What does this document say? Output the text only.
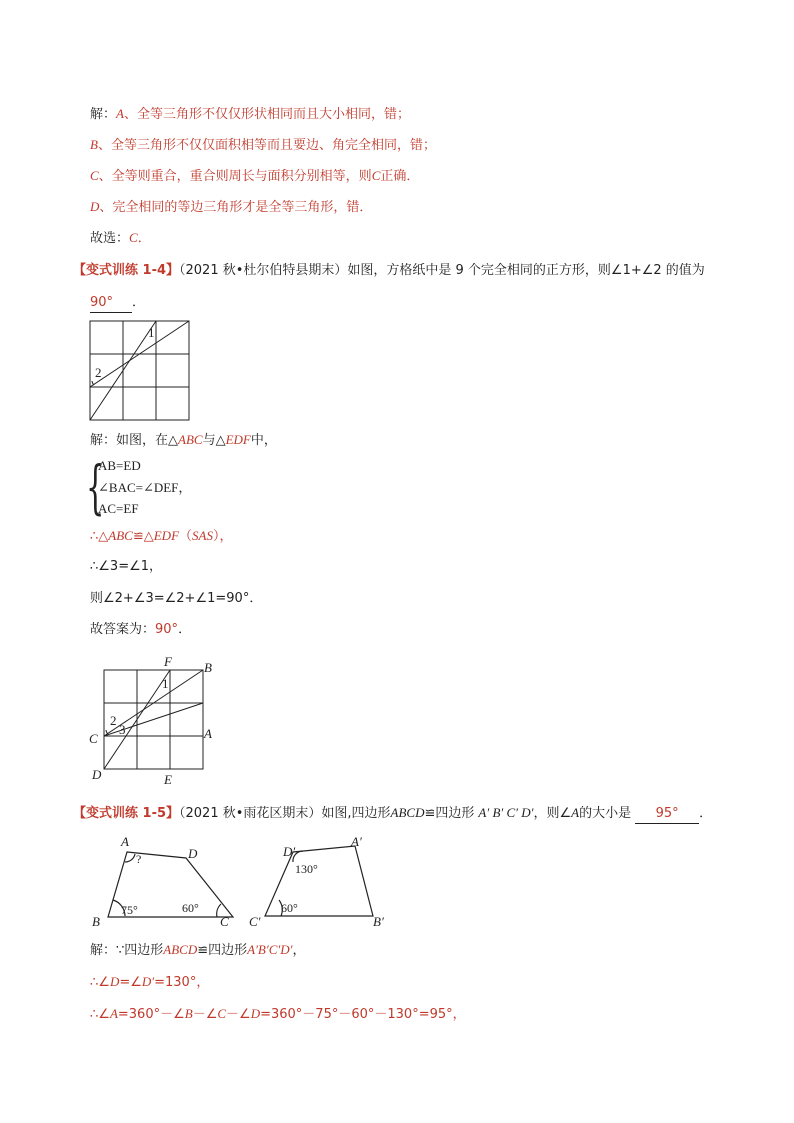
解：A、全等三角形不仅仅形状相同而且大小相同，错；
B、全等三角形不仅仅面积相等而且要边、角完全相同，错；
C、全等则重合，重合则周长与面积分别相等，则C正确．
D、完全相同的等边三角形才是全等三角形，错．
故选：C．
【变式训练 1-4】（2021 秋•杜尔伯特县期末）如图，方格纸中是 9 个完全相同的正方形，则∠1+∠2 的值为
90° ．
1
2
解：如图，在△ABC与△EDF中，
{
AB=ED
∠BAC=∠DEF，
AC=EF
∴△ABC≌△EDF（SAS），
∴∠3=∠1，
则∠2+∠3=∠2+∠1=90°．
故答案为：90°．
F B
1
2
3
C	A
D	E
【变式训练 1-5】（2021 秋•雨花区期末）如图,四边形ABCD≌四边形 A′ B′ C′ D′，则∠A的大小是 95° ．
A
D
?
B	C
75°	60°
D′
A′
130°
60°
C′	B′
解：∵四边形ABCD≌四边形A′B′C′D′，
∴∠D=∠D′=130°，
∴∠A=360°－∠B－∠C－∠D=360°－75°－60°－130°=95°，
